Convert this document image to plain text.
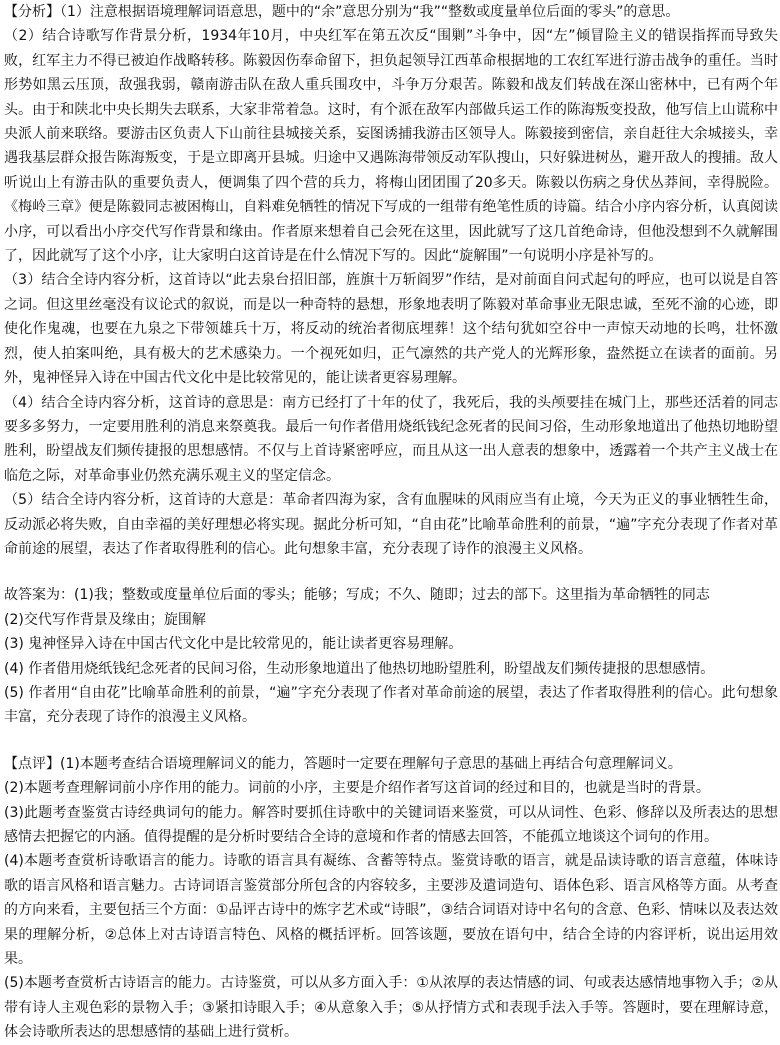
【分析】（1）注意根据语境理解词语意思，题中的“余”意思分别为“我”“整数或度量单位后面的零头”的意思。

（2）结合诗歌写作背景分析，1934年10月，中央红军在第五次反“围剿”斗争中，因“左”倾冒险主义的错误指挥而导致失败，红军主力不得已被迫作战略转移。陈毅因伤奉命留下，担负起领导江西革命根据地的工农红军进行游击战争的重任。当时形势如黑云压顶，敌强我弱，赣南游击队在敌人重兵围攻中，斗争万分艰苦。陈毅和战友们转战在深山密林中，已有两个年头。由于和陕北中央长期失去联系，大家非常着急。这时，有个派在敌军内部做兵运工作的陈海叛变投敌，他写信上山谎称中央派人前来联络。要游击区负责人下山前往县城接关系，妄图诱捕我游击区领导人。陈毅接到密信，亲自赶往大余城接头，幸遇我基层群众报告陈海叛变，于是立即离开县城。归途中又遇陈海带领反动军队搜山，只好躲进树丛，避开敌人的搜捕。敌人听说山上有游击队的重要负责人，便调集了四个营的兵力，将梅山团团围了20多天。陈毅以伤病之身伏丛莽间，幸得脱险。《梅岭三章》便是陈毅同志被困梅山，自料难免牺牲的情况下写成的一组带有绝笔性质的诗篇。结合小序内容分析，认真阅读小序，可以看出小序交代写作背景和缘由。作者原来想着自己会死在这里，因此就写了这几首绝命诗，但他没想到不久就解围了，因此就写了这个小序，让大家明白这首诗是在什么情况下写的。因此“旋解围”一句说明小序是补写的。

（3）结合全诗内容分析，这首诗以“此去泉台招旧部，旌旗十万斩阎罗”作结，是对前面自问式起句的呼应，也可以说是自答之词。但这里丝毫没有议论式的叙说，而是以一种奇特的悬想，形象地表明了陈毅对革命事业无限忠诚，至死不渝的心迹，即使化作鬼魂，也要在九泉之下带领雄兵十万，将反动的统治者彻底埋葬！这个结句犹如空谷中一声惊天动地的长鸣，壮怀激烈，使人拍案叫绝，具有极大的艺术感染力。一个视死如归，正气凛然的共产党人的光辉形象，盎然挺立在读者的面前。另外，鬼神怪异入诗在中国古代文化中是比较常见的，能让读者更容易理解。

（4）结合全诗内容分析，这首诗的意思是：南方已经打了十年的仗了，我死后，我的头颅要挂在城门上，那些还活着的同志要多多努力，一定要用胜利的消息来祭奠我。最后一句作者借用烧纸钱纪念死者的民间习俗，生动形象地道出了他热切地盼望胜利，盼望战友们频传捷报的思想感情。不仅与上首诗紧密呼应，而且从这一出人意表的想象中，透露着一个共产主义战士在临危之际，对革命事业仍然充满乐观主义的坚定信念。

（5）结合全诗内容分析，这首诗的大意是：革命者四海为家，含有血腥味的风雨应当有止境，今天为正义的事业牺牲生命，反动派必将失败，自由幸福的美好理想必将实现。据此分析可知，“自由花”比喻革命胜利的前景，“遍”字充分表现了作者对革命前途的展望，表达了作者取得胜利的信心。此句想象丰富，充分表现了诗作的浪漫主义风格。

故答案为：(1)我；整数或度量单位后面的零头；能够；写成；不久、随即；过去的部下。这里指为革命牺牲的同志

(2)交代写作背景及缘由；旋围解

(3) 鬼神怪异入诗在中国古代文化中是比较常见的，能让读者更容易理解。

(4) 作者借用烧纸钱纪念死者的民间习俗，生动形象地道出了他热切地盼望胜利，盼望战友们频传捷报的思想感情。

(5) 作者用“自由花”比喻革命胜利的前景，“遍”字充分表现了作者对革命前途的展望，表达了作者取得胜利的信心。此句想象丰富，充分表现了诗作的浪漫主义风格。

【点评】(1)本题考查结合语境理解词义的能力，答题时一定要在理解句子意思的基础上再结合句意理解词义。

(2)本题考查理解词前小序作用的能力。词前的小序，主要是介绍作者写这首词的经过和目的，也就是当时的背景。

(3)此题考查鉴赏古诗经典词句的能力。解答时要抓住诗歌中的关键词语来鉴赏，可以从词性、色彩、修辞以及所表达的思想感情去把握它的内涵。值得提醒的是分析时要结合全诗的意境和作者的情感去回答，不能孤立地谈这个词句的作用。

(4)本题考查赏析诗歌语言的能力。诗歌的语言具有凝练、含蓄等特点。鉴赏诗歌的语言，就是品读诗歌的语言意蕴，体味诗歌的语言风格和语言魅力。古诗词语言鉴赏部分所包含的内容较多，主要涉及遣词造句、语体色彩、语言风格等方面。从考查的方向来看，主要包括三个方面：①品评古诗中的炼字艺术或“诗眼”，③结合词语对诗中名句的含意、色彩、情味以及表达效果的理解分析，②总体上对古诗语言特色、风格的概括评析。回答该题，要放在语句中，结合全诗的内容评析，说出运用效果。

(5)本题考查赏析古诗语言的能力。古诗鉴赏，可以从多方面入手：①从浓厚的表达情感的词、句或表达感情地事物入手；②从带有诗人主观色彩的景物入手；③紧扣诗眼入手；④从意象入手；⑤从抒情方式和表现手法入手等。答题时，要在理解诗意，体会诗歌所表达的思想感情的基础上进行赏析。
